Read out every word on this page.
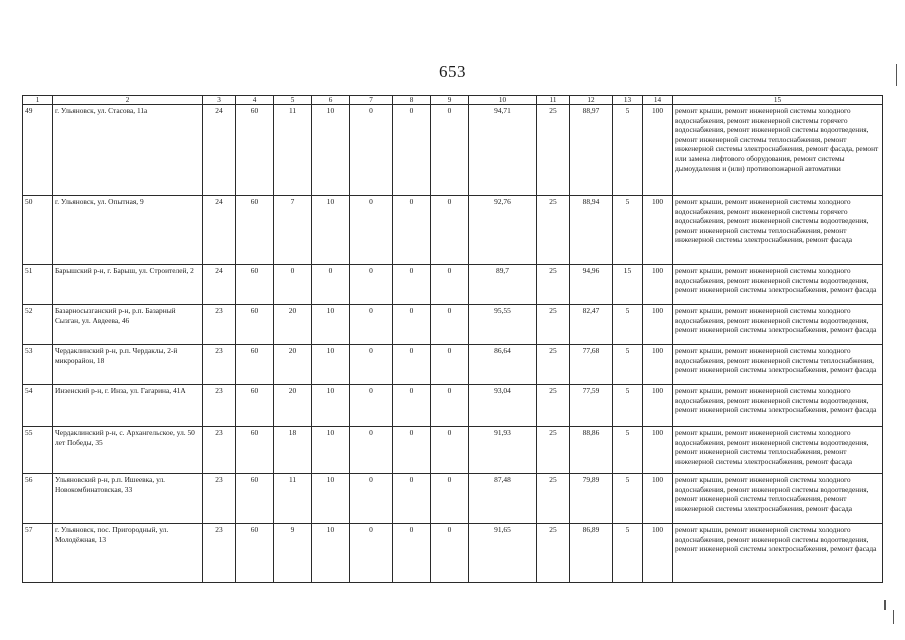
653
1	2	3	4	5	6	7	8	9	10	11	12	13	14	15
49	г. Ульяновск, ул. Стасова, 11а	24	60	11	10	0	0	0	94,71	25	88,97	5	100	ремонт крыши, ремонт инженерной системы холодного водоснабжения, ремонт инженерной системы горячего водоснабжения, ремонт инженерной системы водоотведения, ремонт инженерной системы теплоснабжения, ремонт инженерной системы электроснабжения, ремонт фасада, ремонт или замена лифтового оборудования, ремонт системы дымоудаления и (или) противопожарной автоматики
50	г. Ульяновск, ул. Опытная, 9	24	60	7	10	0	0	0	92,76	25	88,94	5	100	ремонт крыши, ремонт инженерной системы холодного водоснабжения, ремонт инженерной системы горячего водоснабжения, ремонт инженерной системы водоотведения, ремонт инженерной системы теплоснабжения, ремонт инженерной системы электроснабжения, ремонт фасада
51	Барышский р-н, г. Барыш, ул. Строителей, 2	24	60	0	0	0	0	0	89,7	25	94,96	15	100	ремонт крыши, ремонт инженерной системы холодного водоснабжения, ремонт инженерной системы водоотведения, ремонт инженерной системы электроснабжения, ремонт фасада
52	Базарносызганский р-н, р.п. Базарный Сызган, ул. Авдеева, 46	23	60	20	10	0	0	0	95,55	25	82,47	5	100	ремонт крыши, ремонт инженерной системы холодного водоснабжения, ремонт инженерной системы водоотведения, ремонт инженерной системы электроснабжения, ремонт фасада
53	Чердаклинский р-н, р.п. Чердаклы, 2-й микрорайон, 18	23	60	20	10	0	0	0	86,64	25	77,68	5	100	ремонт крыши, ремонт инженерной системы холодного водоснабжения, ремонт инженерной системы теплоснабжения, ремонт инженерной системы электроснабжения, ремонт фасада
54	Инзенский р-н, г. Инза, ул. Гагарина, 41А	23	60	20	10	0	0	0	93,04	25	77,59	5	100	ремонт крыши, ремонт инженерной системы холодного водоснабжения, ремонт инженерной системы водоотведения, ремонт инженерной системы электроснабжения, ремонт фасада
55	Чердаклинский р-н, с. Архангельское, ул. 50 лет Победы, 35	23	60	18	10	0	0	0	91,93	25	88,86	5	100	ремонт крыши, ремонт инженерной системы холодного водоснабжения, ремонт инженерной системы водоотведения, ремонт инженерной системы теплоснабжения, ремонт инженерной системы электроснабжения, ремонт фасада
56	Ульяновский р-н, р.п. Ишеевка, ул. Новокомбинатовская, 33	23	60	11	10	0	0	0	87,48	25	79,89	5	100	ремонт крыши, ремонт инженерной системы холодного водоснабжения, ремонт инженерной системы водоотведения, ремонт инженерной системы теплоснабжения, ремонт инженерной системы электроснабжения, ремонт фасада
57	г. Ульяновск, пос. Пригородный, ул. Молодёжная, 13	23	60	9	10	0	0	0	91,65	25	86,89	5	100	ремонт крыши, ремонт инженерной системы холодного водоснабжения, ремонт инженерной системы водоотведения, ремонт инженерной системы электроснабжения, ремонт фасада
